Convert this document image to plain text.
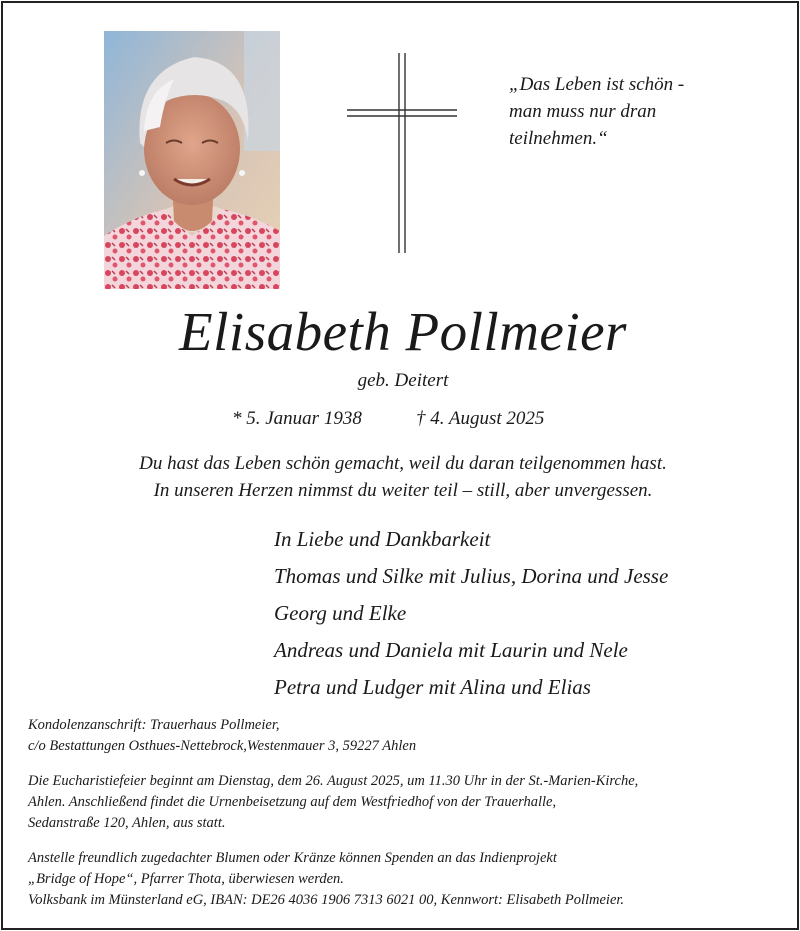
„Das Leben ist schön -
man muss nur dran
teilnehmen.“
Elisabeth Pollmeier
geb. Deitert
* 5. Januar 1938	† 4. August 2025
Du hast das Leben schön gemacht, weil du daran teilgenommen hast.
In unseren Herzen nimmst du weiter teil – still, aber unvergessen.
In Liebe und Dankbarkeit
Thomas und Silke mit Julius, Dorina und Jesse
Georg und Elke
Andreas und Daniela mit Laurin und Nele
Petra und Ludger mit Alina und Elias
Kondolenzanschrift: Trauerhaus Pollmeier,
c/o Bestattungen Osthues-Nettebrock,Westenmauer 3, 59227 Ahlen
Die Eucharistiefeier beginnt am Dienstag, dem 26. August 2025, um 11.30 Uhr in der St.-Marien-Kirche,
Ahlen. Anschließend findet die Urnenbeisetzung auf dem Westfriedhof von der Trauerhalle,
Sedanstraße 120, Ahlen, aus statt.
Anstelle freundlich zugedachter Blumen oder Kränze können Spenden an das Indienprojekt
„Bridge of Hope“, Pfarrer Thota, überwiesen werden.
Volksbank im Münsterland eG, IBAN: DE26 4036 1906 7313 6021 00, Kennwort: Elisabeth Pollmeier.
